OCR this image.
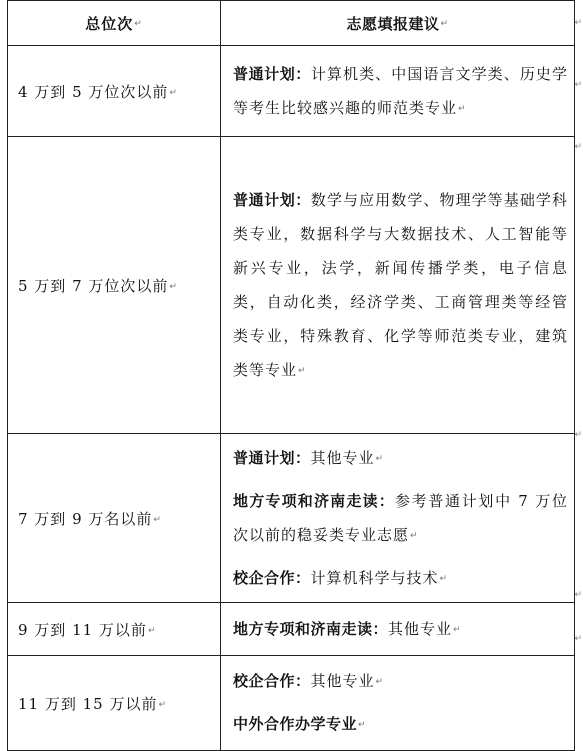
总位次↵	志愿填报建议↵
4 万到 5 万位次以前↵	普通计划：计算机类、中国语言文学类、历史学等考生比较感兴趣的师范类专业↵

5 万到 7 万位次以前↵	普通计划：数学与应用数学、物理学等基础学科类专业，数据科学与大数据技术、人工智能等新兴专业，法学，新闻传播学类，电子信息类，自动化类，经济学类、工商管理类等经管类专业，特殊教育、化学等师范类专业，建筑类等专业↵

7 万到 9 万名以前↵	普通计划：其他专业↵
地方专项和济南走读：参考普通计划中 7 万位次以前的稳妥类专业志愿↵
校企合作：计算机科学与技术↵

9 万到 11 万以前↵	地方专项和济南走读：其他专业↵

11 万到 15 万以前↵	校企合作：其他专业↵
中外合作办学专业↵
↵
↵
↵
↵
↵
↵
